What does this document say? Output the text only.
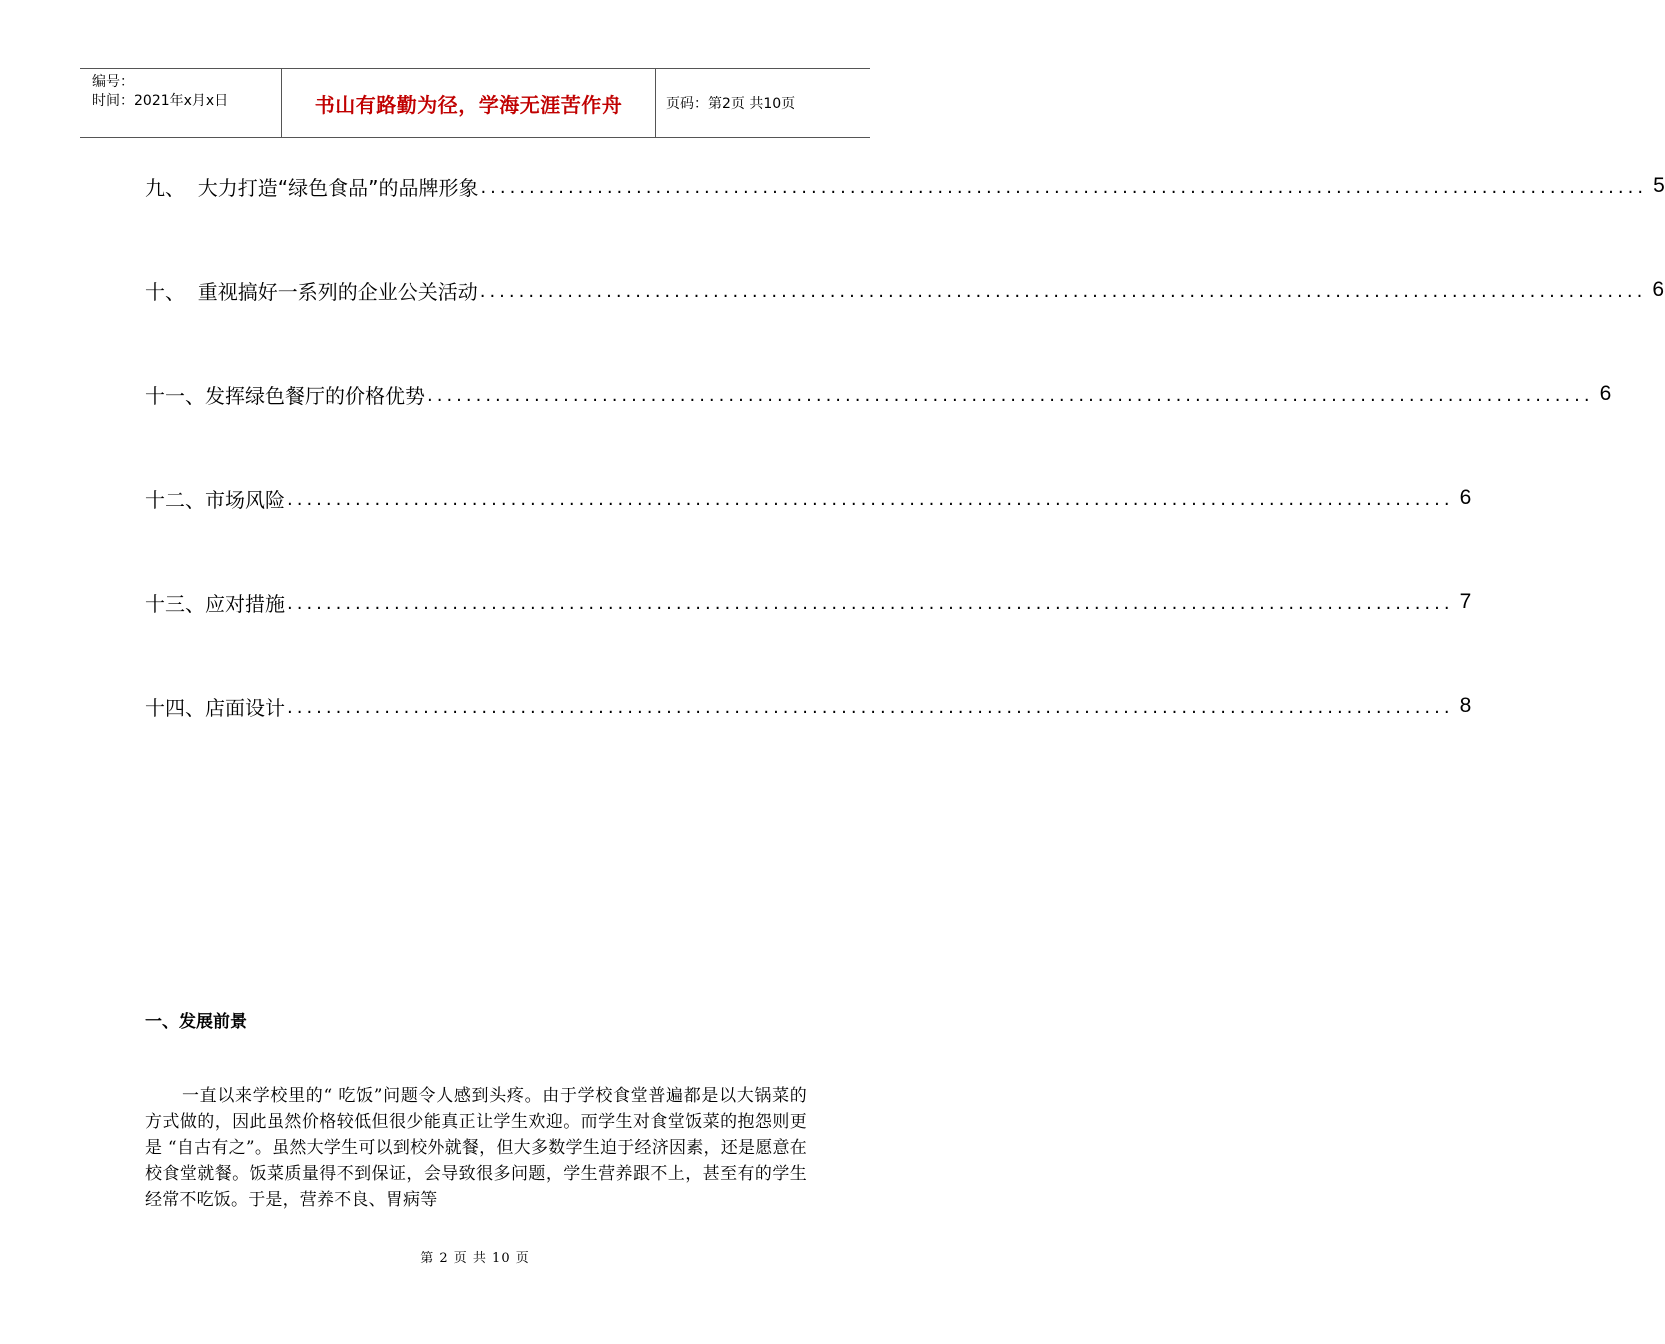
编号：
时间：2021年x月x日	书山有路勤为径，学海无涯苦作舟	页码：第2页 共10页
九、 大力打造“绿色食品”的品牌形象 ........................................................................................................................ 5
十、 重视搞好一系列的企业公关活动 ........................................................................................................................ 6
十一、 发挥绿色餐厅的价格优势 ........................................................................................................................ 6
十二、 市场风险 ........................................................................................................................ 6
十三、 应对措施 ........................................................................................................................ 7
十四、 店面设计 ........................................................................................................................ 8
一、发展前景
一直以来学校里的“ 吃饭”问题令人感到头疼。由于学校食堂普遍都是以大锅菜的方式做的，因此虽然价格较低但很少能真正让学生欢迎。而学生对食堂饭菜的抱怨则更是 “自古有之”。虽然大学生可以到校外就餐，但大多数学生迫于经济因素，还是愿意在校食堂就餐。饭菜质量得不到保证，会导致很多问题，学生营养跟不上，甚至有的学生经常不吃饭。于是，营养不良、胃病等
第 2 页 共 10 页
